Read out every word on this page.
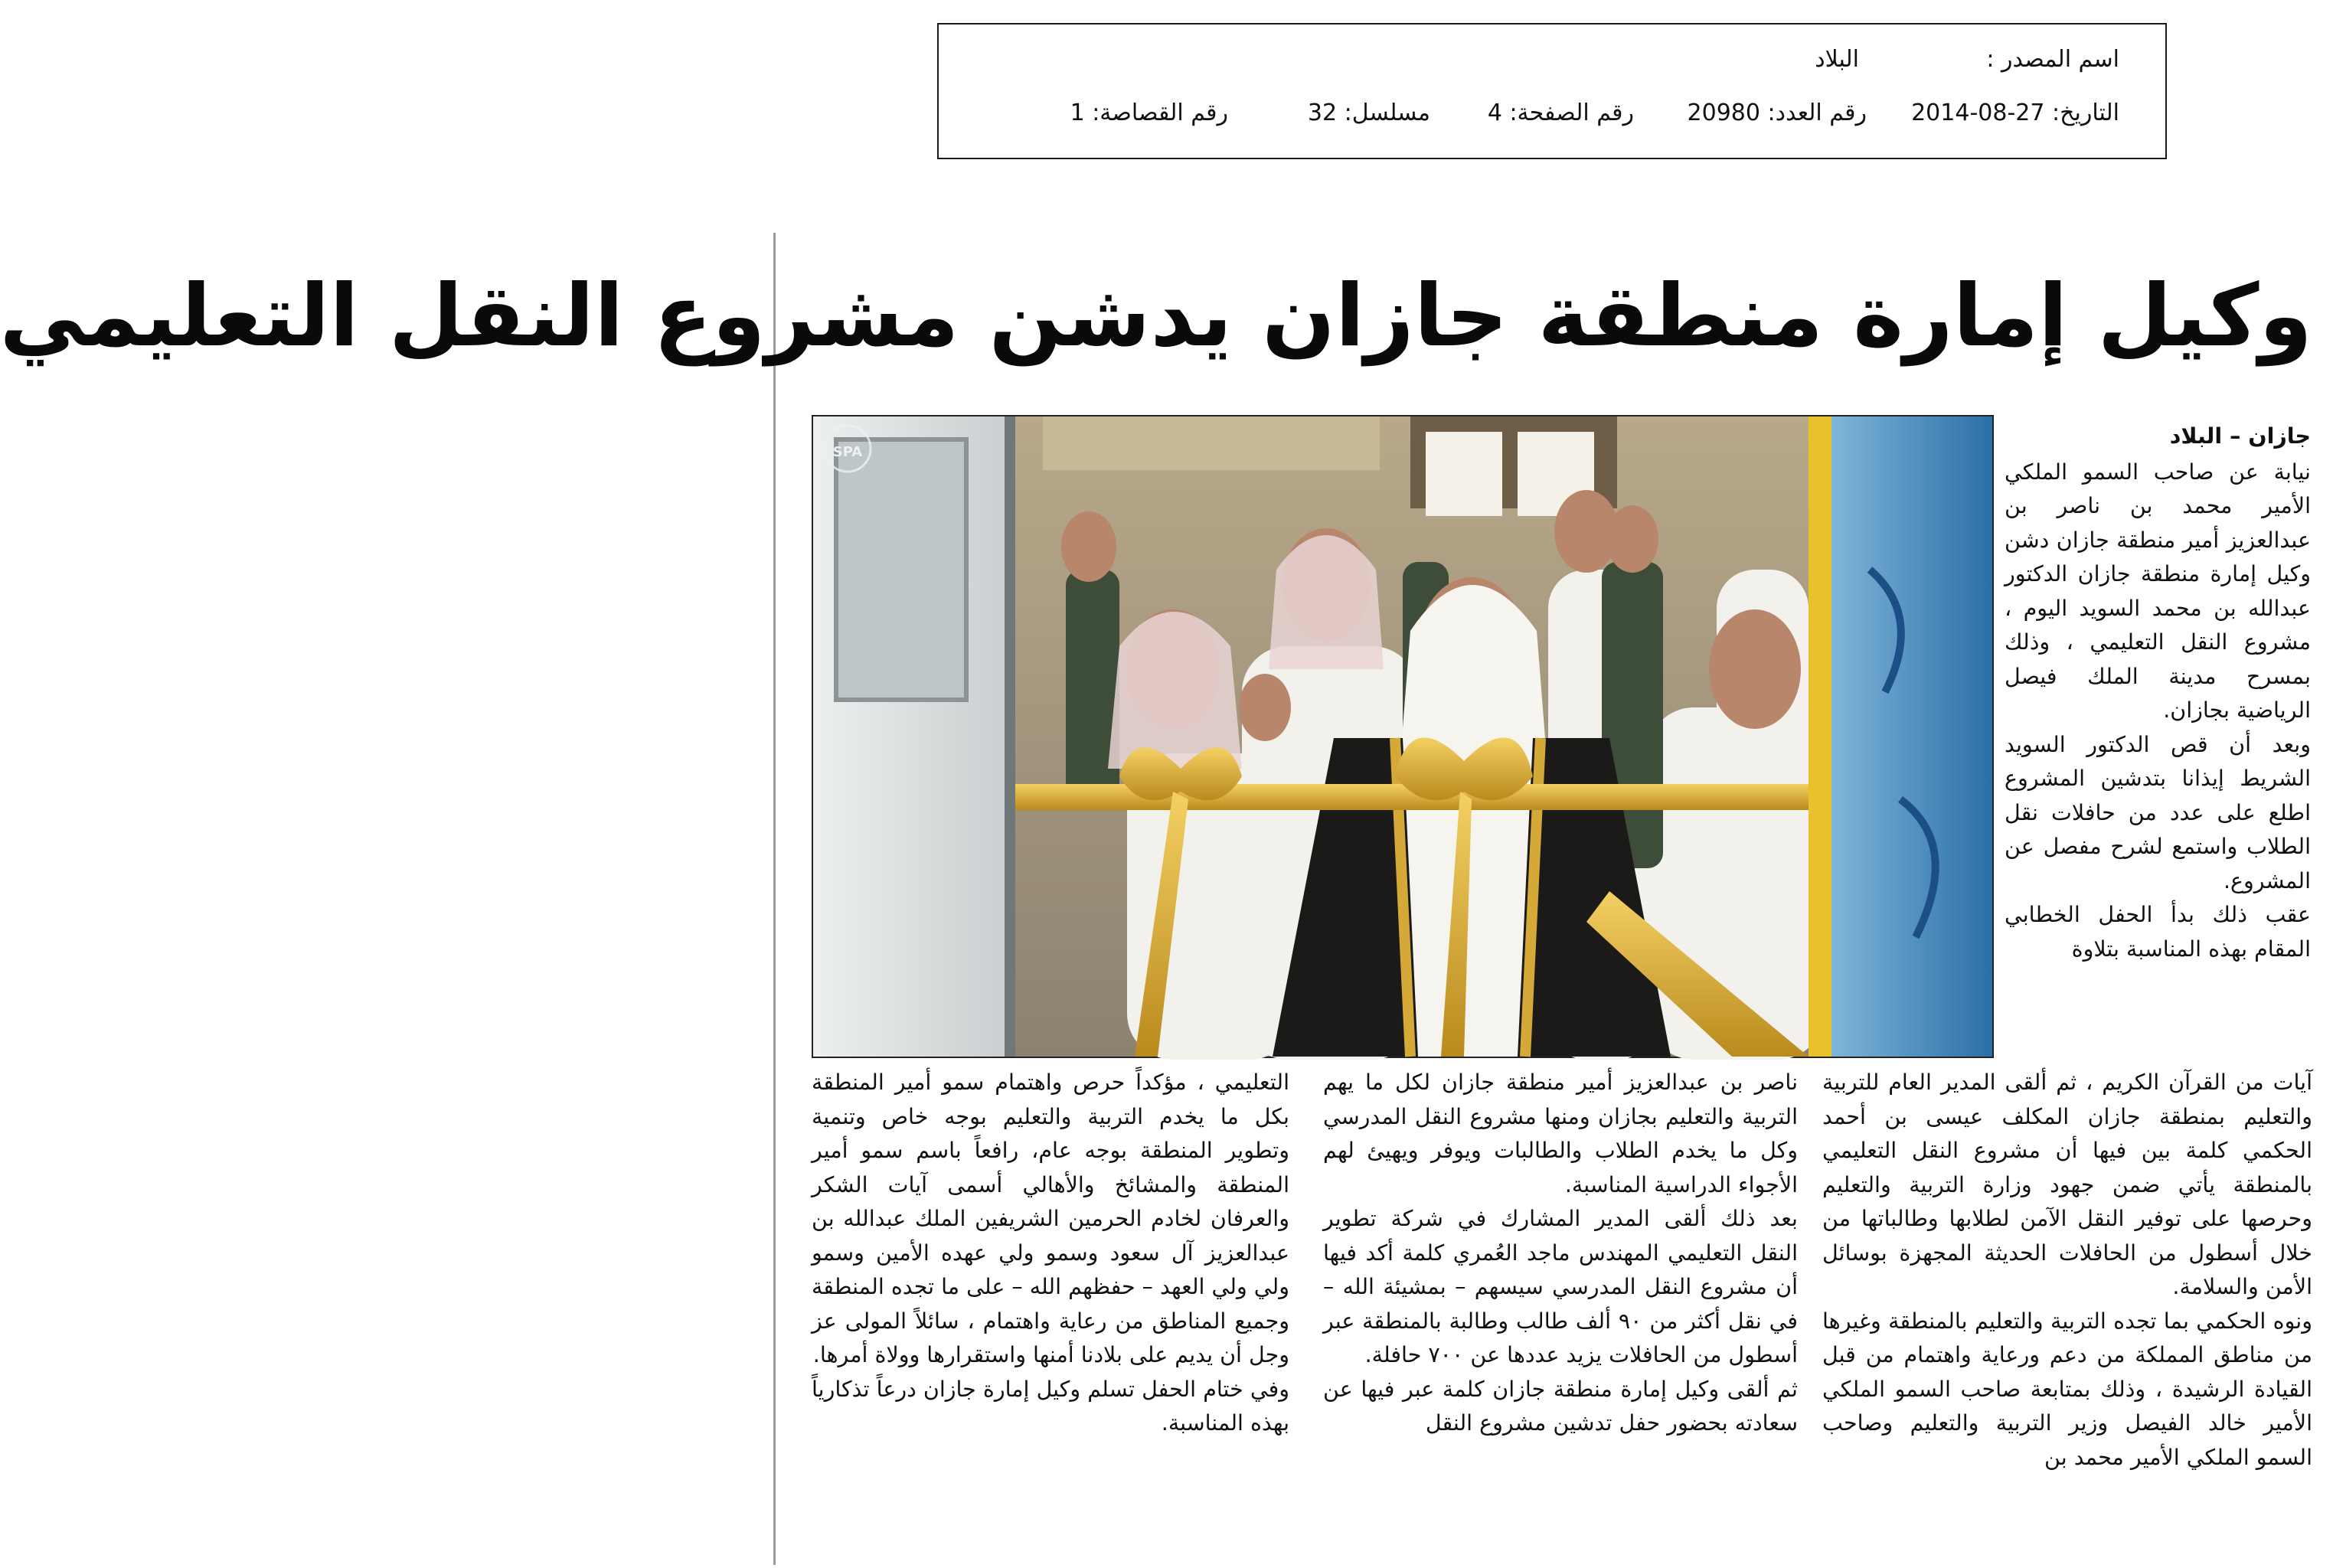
اسم المصدر :
البلاد
التاريخ: 27-08-2014
رقم العدد: 20980
رقم الصفحة: 4
مسلسل: 32
رقم القصاصة: 1
وكيل إمارة منطقة جازان يدشن مشروع النقل التعليمي
SPA

جازان – البلاد

نيابة عن صاحب السمو الملكي الأمير محمد بن ناصر بن عبدالعزيز أمير منطقة جازان دشن وكيل إمارة منطقة جازان الدكتور عبدالله بن محمد السويد اليوم ، مشروع النقل التعليمي ، وذلك بمسرح مدينة الملك فيصل الرياضية بجازان.

وبعد أن قص الدكتور السويد الشريط إيذانا بتدشين المشروع اطلع على عدد من حافلات نقل الطلاب واستمع لشرح مفصل عن المشروع.

عقب ذلك بدأ الحفل الخطابي المقام بهذه المناسبة بتلاوة

آيات من القرآن الكريم ، ثم ألقى المدير العام للتربية والتعليم بمنطقة جازان المكلف عيسى بن أحمد الحكمي كلمة بين فيها أن مشروع النقل التعليمي بالمنطقة يأتي ضمن جهود وزارة التربية والتعليم وحرصها على توفير النقل الآمن لطلابها وطالباتها من خلال أسطول من الحافلات الحديثة المجهزة بوسائل الأمن والسلامة.

ونوه الحكمي بما تجده التربية والتعليم بالمنطقة وغيرها من مناطق المملكة من دعم ورعاية واهتمام من قبل القيادة الرشيدة ، وذلك بمتابعة صاحب السمو الملكي الأمير خالد الفيصل وزير التربية والتعليم وصاحب السمو الملكي الأمير محمد بن

ناصر بن عبدالعزيز أمير منطقة جازان لكل ما يهم التربية والتعليم بجازان ومنها مشروع النقل المدرسي وكل ما يخدم الطلاب والطالبات ويوفر ويهيئ لهم الأجواء الدراسية المناسبة.

بعد ذلك ألقى المدير المشارك في شركة تطوير النقل التعليمي المهندس ماجد العُمري كلمة أكد فيها أن مشروع النقل المدرسي سيسهم – بمشيئة الله – في نقل أكثر من ٩٠ ألف طالب وطالبة بالمنطقة عبر أسطول من الحافلات يزيد عددها عن ٧٠٠ حافلة.

ثم ألقى وكيل إمارة منطقة جازان كلمة عبر فيها عن سعادته بحضور حفل تدشين مشروع النقل

التعليمي ، مؤكداً حرص واهتمام سمو أمير المنطقة بكل ما يخدم التربية والتعليم بوجه خاص وتنمية وتطوير المنطقة بوجه عام، رافعاً باسم سمو أمير المنطقة والمشائخ والأهالي أسمى آيات الشكر والعرفان لخادم الحرمين الشريفين الملك عبدالله بن عبدالعزيز آل سعود وسمو ولي عهده الأمين وسمو ولي ولي العهد – حفظهم الله – على ما تجده المنطقة وجميع المناطق من رعاية واهتمام ، سائلاً المولى عز وجل أن يديم على بلادنا أمنها واستقرارها وولاة أمرها.

وفي ختام الحفل تسلم وكيل إمارة جازان درعاً تذكارياً بهذه المناسبة.
